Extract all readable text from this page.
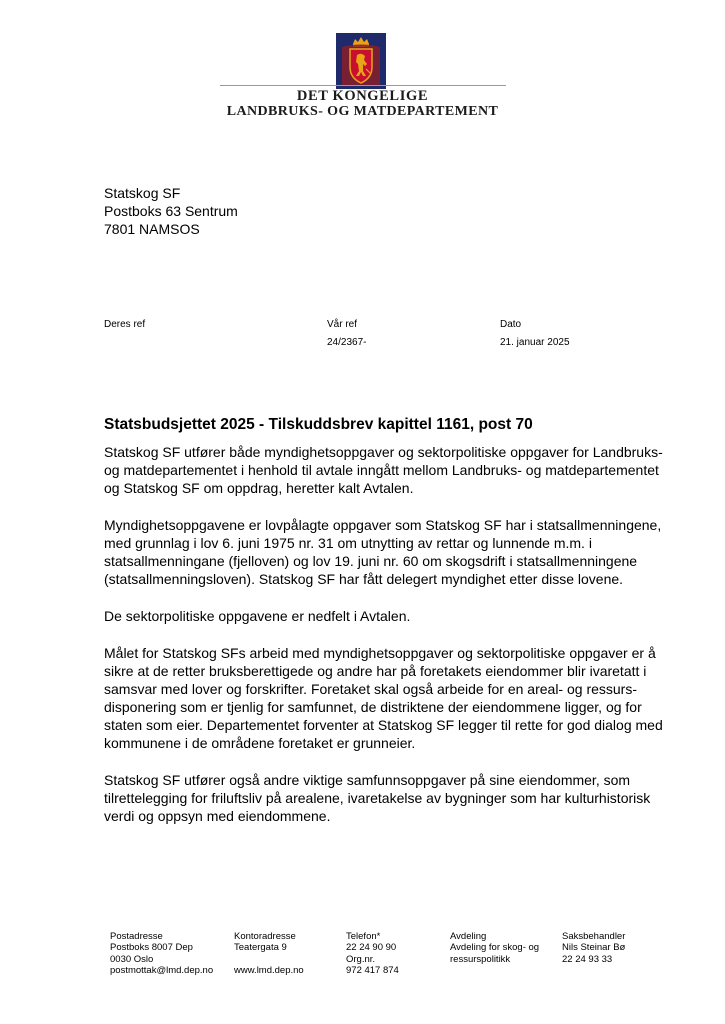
DET KONGELIGE
LANDBRUKS- OG MATDEPARTEMENT
Statskog SF
Postboks 63 Sentrum
7801 NAMSOS
Deres ref	Vår ref
24/2367-
Dato
21. januar 2025
Statsbudsjettet 2025 - Tilskuddsbrev kapittel 1161, post 70

Statskog SF utfører både myndighetsoppgaver og sektorpolitiske oppgaver for Landbruks- og matdepartementet i henhold til avtale inngått mellom Landbruks- og matdepartementet og Statskog SF om oppdrag, heretter kalt Avtalen.

Myndighetsoppgavene er lovpålagte oppgaver som Statskog SF har i statsallmenningene, med grunnlag i lov 6. juni 1975 nr. 31 om utnytting av rettar og lunnende m.m. i statsallmenningane (fjelloven) og lov 19. juni nr. 60 om skogsdrift i statsallmenningene (statsallmenningsloven). Statskog SF har fått delegert myndighet etter disse lovene.

De sektorpolitiske oppgavene er nedfelt i Avtalen.

Målet for Statskog SFs arbeid med myndighetsoppgaver og sektorpolitiske oppgaver er å sikre at de retter bruksberettigede og andre har på foretakets eiendommer blir ivaretatt i samsvar med lover og forskrifter. Foretaket skal også arbeide for en areal- og ressurs-disponering som er tjenlig for samfunnet, de distriktene der eiendommene ligger, og for staten som eier. Departementet forventer at Statskog SF legger til rette for god dialog med kommunene i de områdene foretaket er grunneier.

Statskog SF utfører også andre viktige samfunnsoppgaver på sine eiendommer, som tilrettelegging for friluftsliv på arealene, ivaretakelse av bygninger som har kulturhistorisk verdi og oppsyn med eiendommene.

Postadresse
Postboks 8007 Dep
0030 Oslo
postmottak@lmd.dep.no
Kontoradresse
Teatergata 9

www.lmd.dep.no
Telefon*
22 24 90 90
Org.nr.
972 417 874
Avdeling
Avdeling for skog- og
ressurspolitikk
Saksbehandler
Nils Steinar Bø
22 24 93 33
